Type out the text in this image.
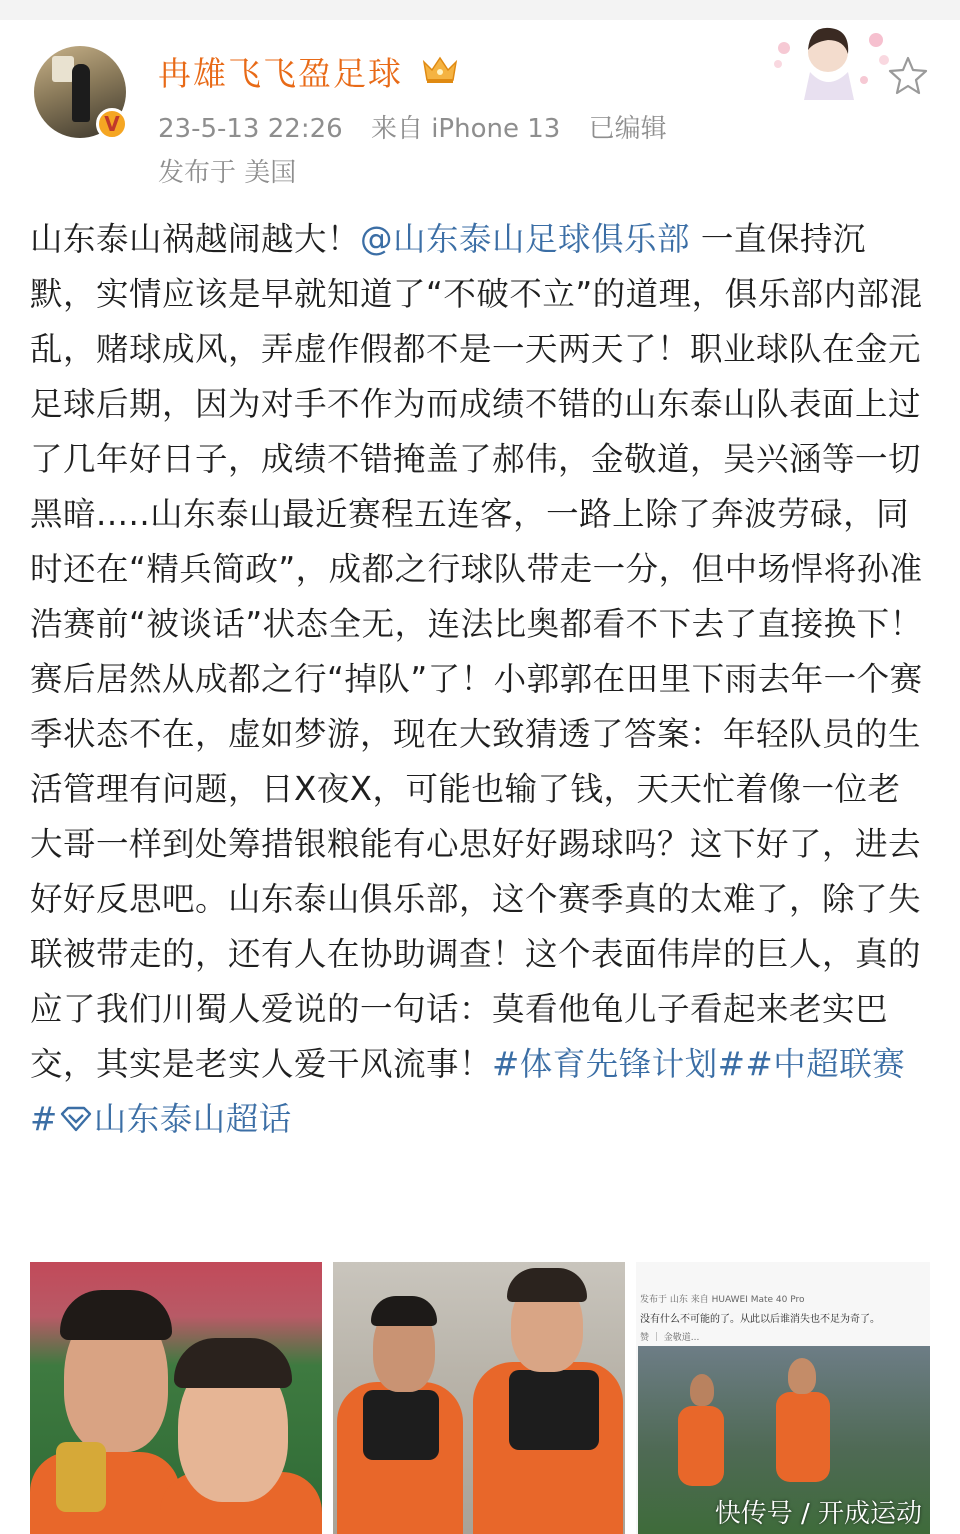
V
冉雄飞飞盈足球
23-5-13 22:26 来自 iPhone 13 已编辑
发布于 美国
山东泰山祸越闹越大！@山东泰山足球俱乐部 一直保持沉默，实情应该是早就知道了“不破不立”的道理，俱乐部内部混乱，赌球成风，弄虚作假都不是一天两天了！职业球队在金元足球后期，因为对手不作为而成绩不错的山东泰山队表面上过了几年好日子，成绩不错掩盖了郝伟，金敬道，吴兴涵等一切黑暗.....山东泰山最近赛程五连客，一路上除了奔波劳碌，同时还在“精兵简政”，成都之行球队带走一分，但中场悍将孙准浩赛前“被谈话”状态全无，连法比奥都看不下去了直接换下！赛后居然从成都之行“掉队”了！小郭郭在田里下雨去年一个赛季状态不在，虚如梦游，现在大致猜透了答案：年轻队员的生活管理有问题，日X夜X，可能也输了钱，天天忙着像一位老大哥一样到处筹措银粮能有心思好好踢球吗？这下好了，进去好好反思吧。山东泰山俱乐部，这个赛季真的太难了，除了失联被带走的，还有人在协助调查！这个表面伟岸的巨人，真的应了我们川蜀人爱说的一句话：莫看他龟儿子看起来老实巴交，其实是老实人爱干风流事！#体育先锋计划##中超联赛# 山东泰山超话
发布于 山东 来自 HUAWEI Mate 40 Pro
没有什么不可能的了。从此以后谁消失也不足为奇了。
赞 ｜ 金敬道...
快传号 / 开成运动
